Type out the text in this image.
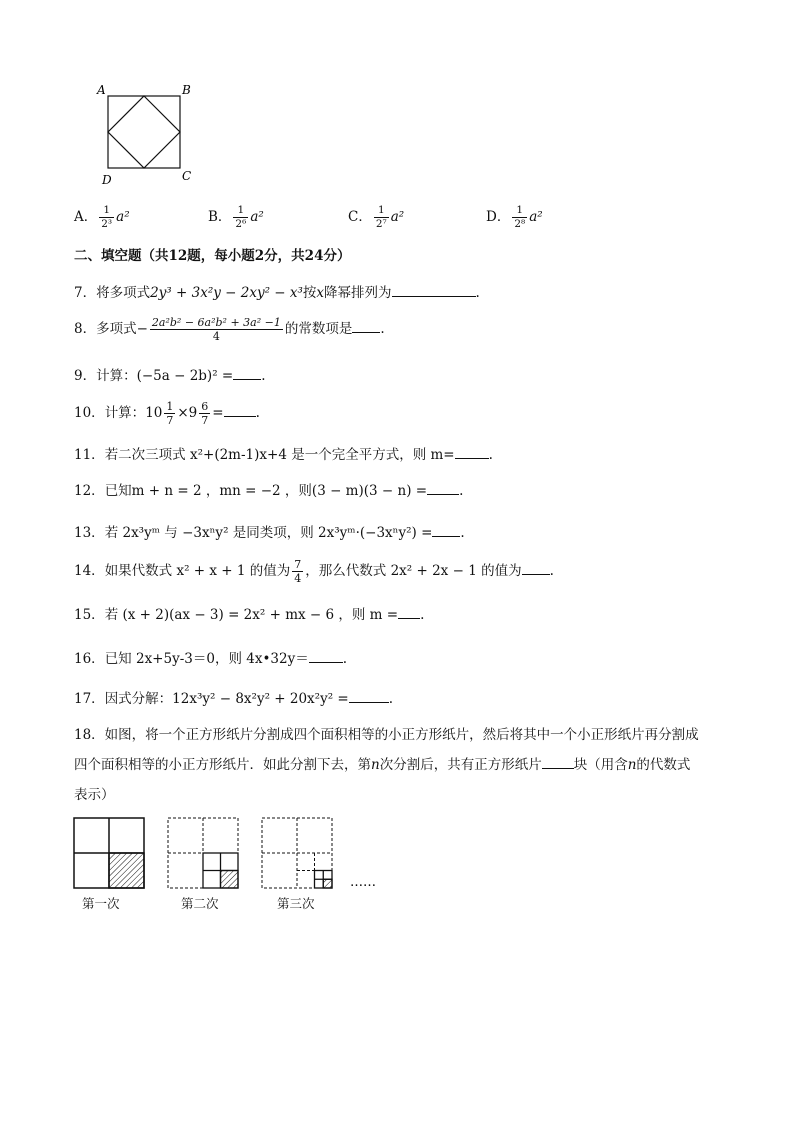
A	B
D	C
A． $\frac{1}{\text{2³}} a^2$	B． $\frac{1}{\text{2⁶}} a^2$	C． $\frac{1}{\text{2⁷}} a^2$	D． $\frac{1}{\text{2⁸}} a^2$
二、填空题（共12题，每小题2分，共24分）
7．将多项式2y³ + 3x²y − 2xy² − x³按x降幂排列为	.
8．多项式− $\frac{\text{2a²b² − 6a²b² + 3a² −1}}{4}$ 的常数项是 .
9．计算：(−5a − 2b)² = .
10．计算：$10 \frac{1}{7} \times 9 \frac{6}{7}$ = .
11．若二次三项式 x²+(2m-1)x+4 是一个完全平方式，则 m=	.
12．已知m + n = 2 ，mn = −2 ，则(3 − m)(3 − n) = .
13．若 2x³yᵐ 与 −3xⁿy² 是同类项，则 2x³yᵐ·(−3xⁿy²) = .
14．如果代数式 x² + x + 1 的值为 $\frac{7}{4}$ ，那么代数式 2x² + 2x − 1 的值为 .
15．若 (x + 2)(ax − 3) = 2x² + mx − 6 ，则 m = .
16．已知 2x+5y-3＝0，则 4x•32y＝	.
17．因式分解：12x³y² − 8x²y² + 20x²y² =	.
18．如图，将一个正方形纸片分割成四个面积相等的小正方形纸片，然后将其中一个小正形纸片再分割成
四个面积相等的小正方形纸片．如此分割下去，第n次分割后，共有正方形纸片 块（用含n的代数式
表示）
……
第一次	第二次	第三次
